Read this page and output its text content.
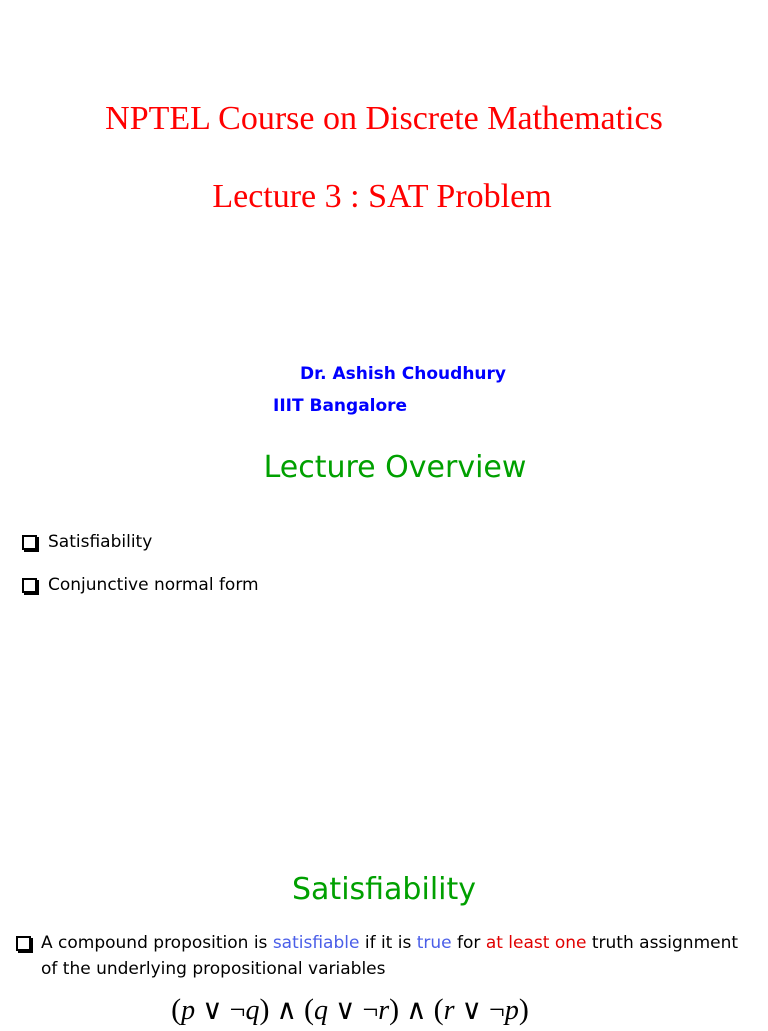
NPTEL Course on Discrete Mathematics
Lecture 3 : SAT Problem
Dr. Ashish Choudhury
IIIT Bangalore
Lecture Overview
Satisfiability
Conjunctive normal form
Satisfiability
A compound proposition is satisfiable if it is true for at least one truth assignment of the underlying propositional variables
(p ∨ ¬q) ∧ (q ∨ ¬r) ∧ (r ∨ ¬p)
